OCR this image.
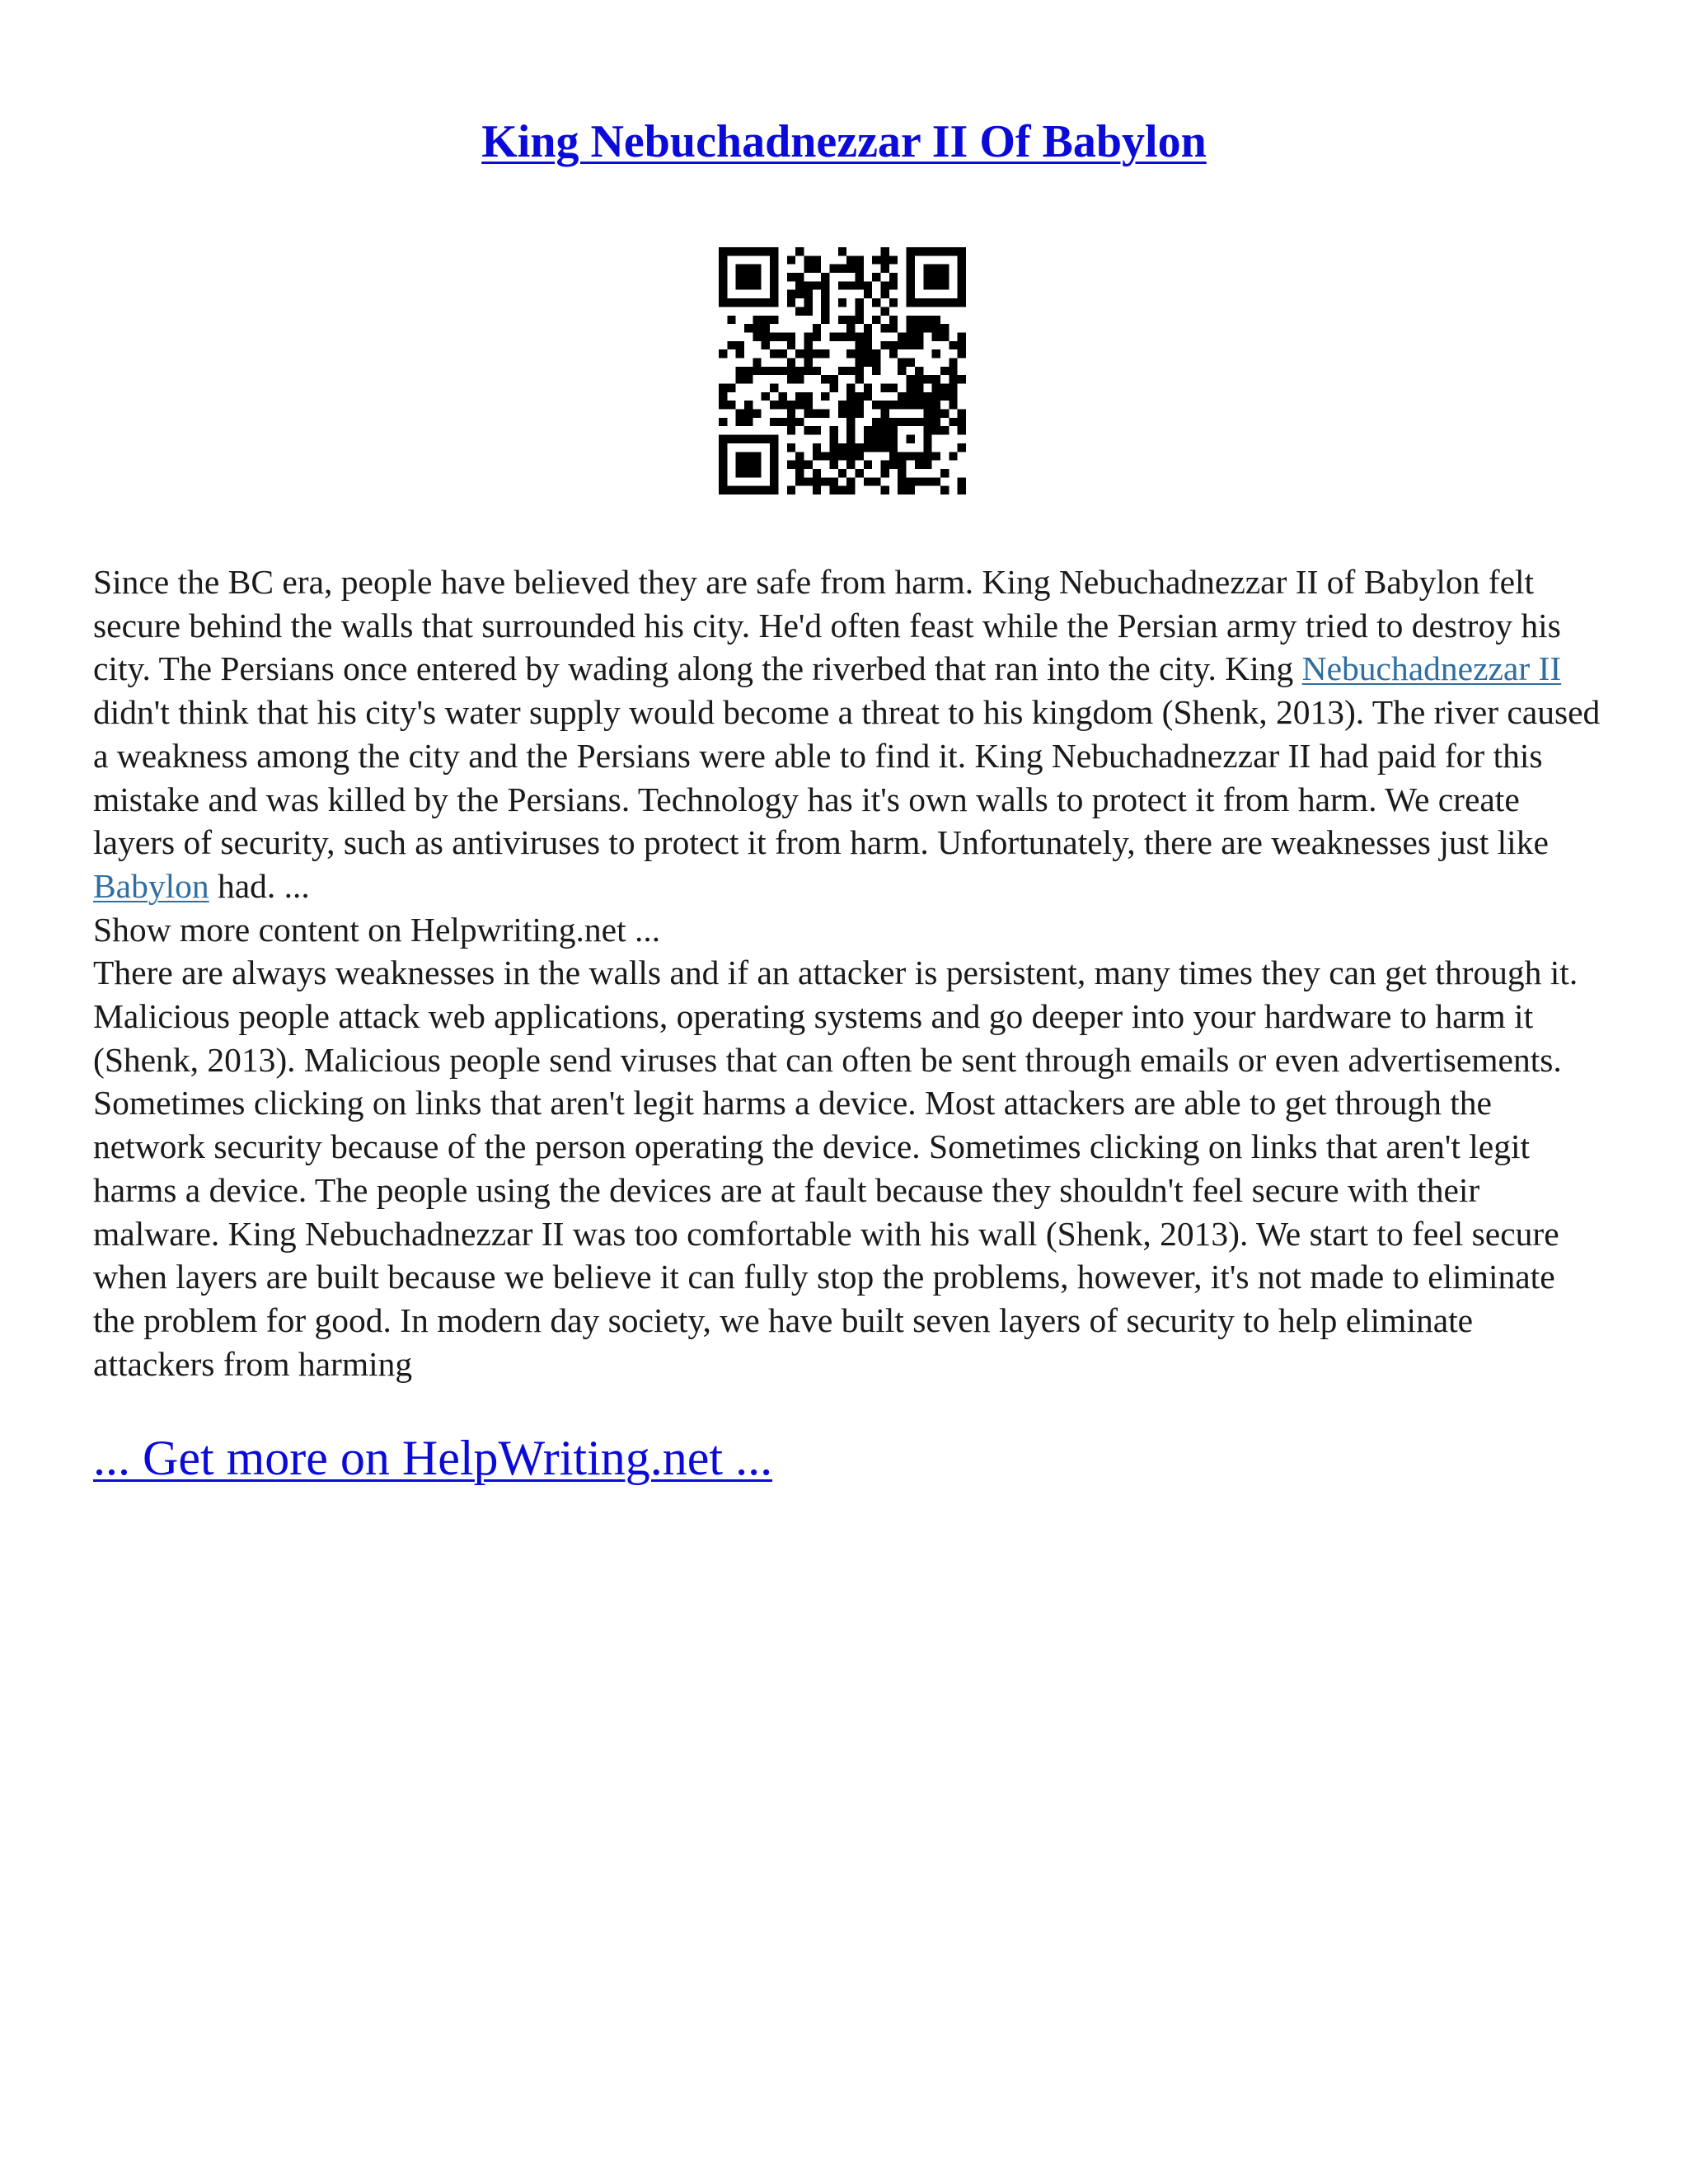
King Nebuchadnezzar II Of Babylon

Since the BC era, people have believed they are safe from harm. King Nebuchadnezzar II of Babylon felt secure behind the walls that surrounded his city. He'd often feast while the Persian army tried to destroy his city. The Persians once entered by wading along the riverbed that ran into the city. King Nebuchadnezzar II didn't think that his city's water supply would become a threat to his kingdom (Shenk, 2013). The river caused a weakness among the city and the Persians were able to find it. King Nebuchadnezzar II had paid for this mistake and was killed by the Persians. Technology has it's own walls to protect it from harm. We create layers of security, such as antiviruses to protect it from harm. Unfortunately, there are weaknesses just like Babylon had. ...

Show more content on Helpwriting.net ...

There are always weaknesses in the walls and if an attacker is persistent, many times they can get through it. Malicious people attack web applications, operating systems and go deeper into your hardware to harm it (Shenk, 2013). Malicious people send viruses that can often be sent through emails or even advertisements. Sometimes clicking on links that aren't legit harms a device. Most attackers are able to get through the network security because of the person operating the device. Sometimes clicking on links that aren't legit harms a device. The people using the devices are at fault because they shouldn't feel secure with their malware. King Nebuchadnezzar II was too comfortable with his wall (Shenk, 2013). We start to feel secure when layers are built because we believe it can fully stop the problems, however, it's not made to eliminate the problem for good. In modern day society, we have built seven layers of security to help eliminate attackers from harming

... Get more on HelpWriting.net ...
